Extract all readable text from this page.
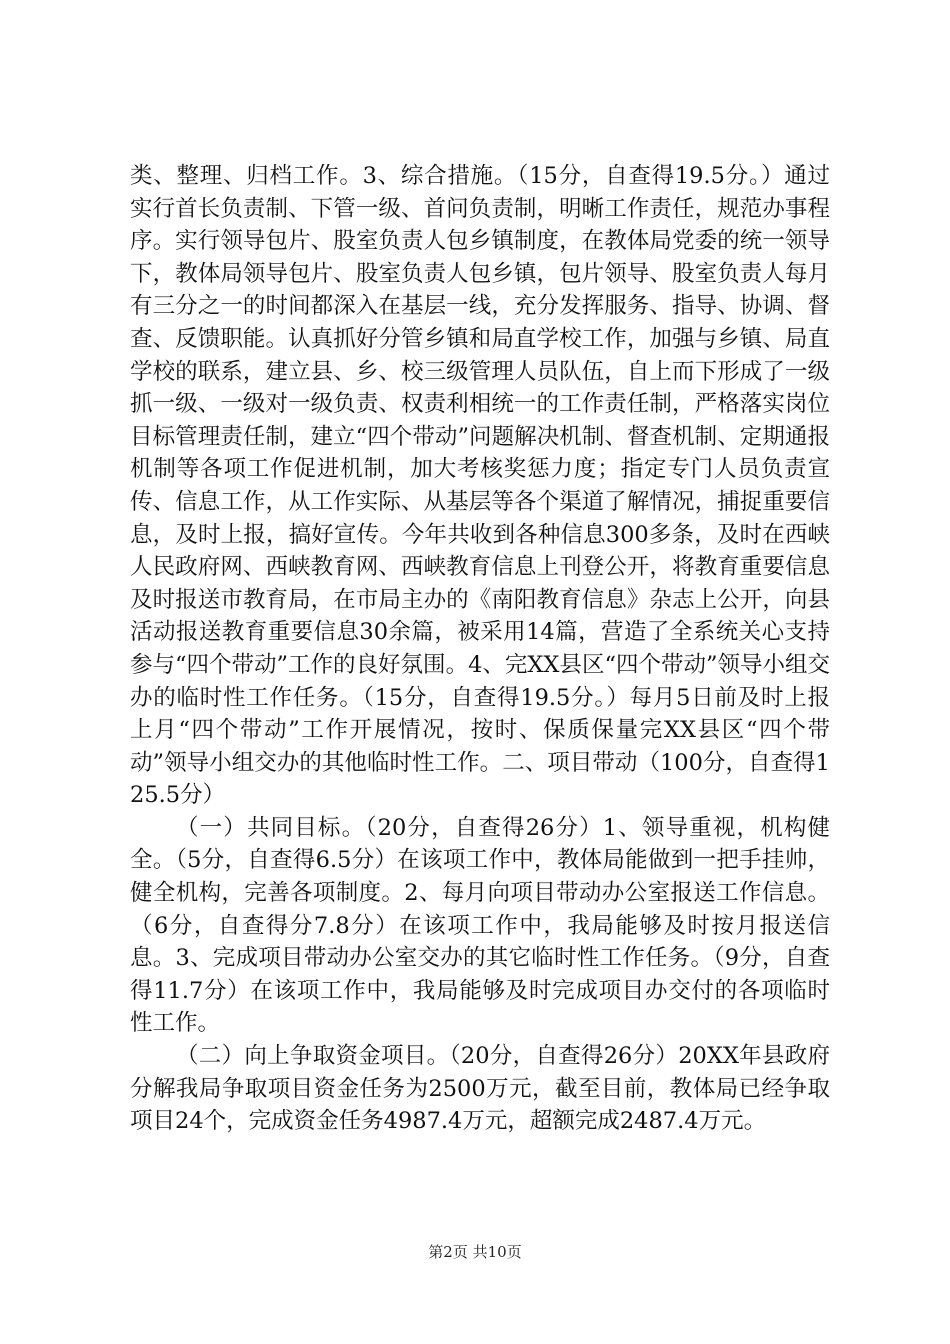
类、整理、归档工作。3、综合措施。（15分，自查得19.5分。）通过实行首长负责制、下管一级、首问负责制，明晰工作责任，规范办事程序。实行领导包片、股室负责人包乡镇制度，在教体局党委的统一领导下，教体局领导包片、股室负责人包乡镇，包片领导、股室负责人每月有三分之一的时间都深入在基层一线，充分发挥服务、指导、协调、督查、反馈职能。认真抓好分管乡镇和局直学校工作，加强与乡镇、局直学校的联系，建立县、乡、校三级管理人员队伍，自上而下形成了一级抓一级、一级对一级负责、权责利相统一的工作责任制，严格落实岗位目标管理责任制，建立“四个带动”问题解决机制、督查机制、定期通报机制等各项工作促进机制，加大考核奖惩力度；指定专门人员负责宣传、信息工作，从工作实际、从基层等各个渠道了解情况，捕捉重要信息，及时上报，搞好宣传。今年共收到各种信息300多条，及时在西峡人民政府网、西峡教育网、西峡教育信息上刊登公开，将教育重要信息及时报送市教育局，在市局主办的《南阳教育信息》杂志上公开，向县活动报送教育重要信息30余篇，被采用14篇，营造了全系统关心支持参与“四个带动”工作的良好氛围。4、完XX县区“四个带动”领导小组交办的临时性工作任务。（15分，自查得19.5分。）每月5日前及时上报上月“四个带动”工作开展情况，按时、保质保量完XX县区“四个带动”领导小组交办的其他临时性工作。二、项目带动（100分，自查得125.5分）

（一）共同目标。（20分，自查得26分）1、领导重视，机构健全。（5分，自查得6.5分）在该项工作中，教体局能做到一把手挂帅，健全机构，完善各项制度。2、每月向项目带动办公室报送工作信息。（6分，自查得分7.8分）在该项工作中，我局能够及时按月报送信息。3、完成项目带动办公室交办的其它临时性工作任务。（9分，自查得11.7分）在该项工作中，我局能够及时完成项目办交付的各项临时性工作。

（二）向上争取资金项目。（20分，自查得26分）20XX年县政府分解我局争取项目资金任务为2500万元，截至目前，教体局已经争取项目24个，完成资金任务4987.4万元，超额完成2487.4万元。

第2页 共10页
